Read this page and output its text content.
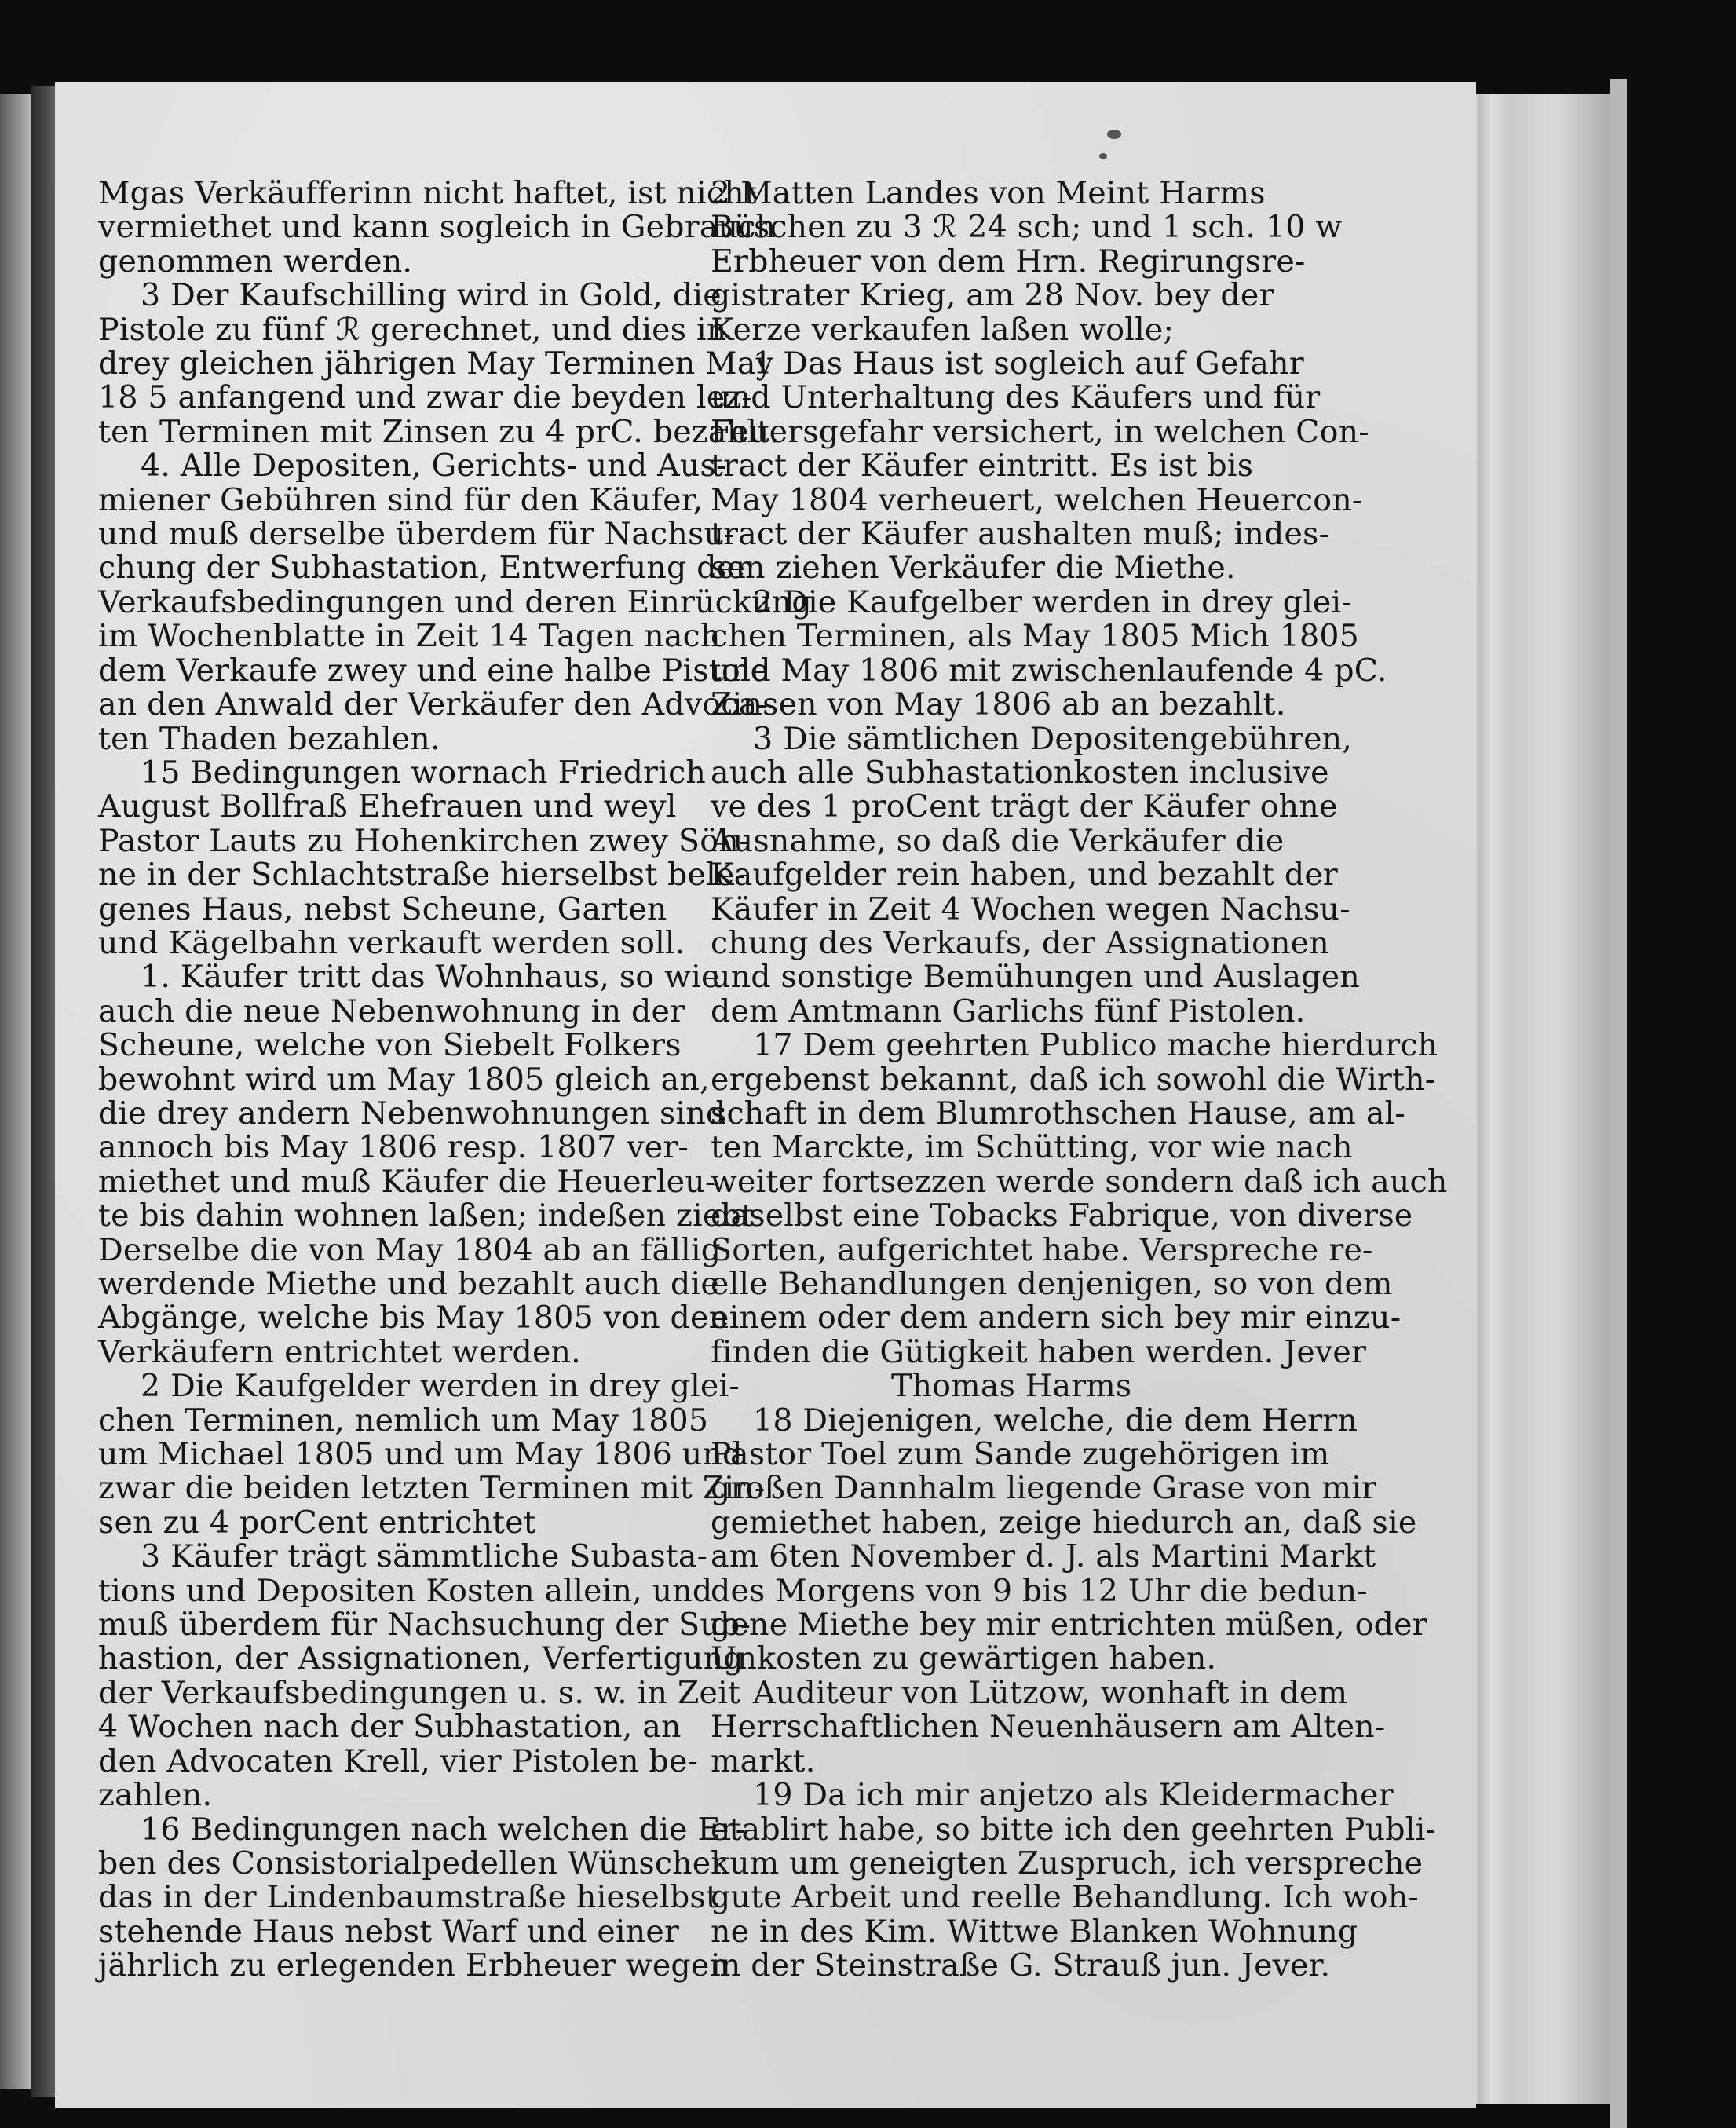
Mgas Verkäufferinn nicht haftet, ist nicht
vermiethet und kann sogleich in Gebrauch
genommen werden.
3 Der Kaufschilling wird in Gold, die
Pistole zu fünf ℛ gerechnet, und dies in
drey gleichen jährigen May Terminen May
18 5 anfangend und zwar die beyden lez-
ten Terminen mit Zinsen zu 4 prC. bezahlt.
4. Alle Depositen, Gerichts- und Aus-
miener Gebühren sind für den Käufer,
und muß derselbe überdem für Nachsu-
chung der Subhastation, Entwerfung der
Verkaufsbedingungen und deren Einrückung
im Wochenblatte in Zeit 14 Tagen nach
dem Verkaufe zwey und eine halbe Pistole
an den Anwald der Verkäufer den Advoca-
ten Thaden bezahlen.
15 Bedingungen wornach Friedrich
August Bollfraß Ehefrauen und weyl
Pastor Lauts zu Hohenkirchen zwey Söh-
ne in der Schlachtstraße hierselbst bele-
genes Haus, nebst Scheune, Garten
und Kägelbahn verkauft werden soll.
1. Käufer tritt das Wohnhaus, so wie
auch die neue Nebenwohnung in der
Scheune, welche von Siebelt Folkers
bewohnt wird um May 1805 gleich an,
die drey andern Nebenwohnungen sind
annoch bis May 1806 resp. 1807 ver-
miethet und muß Käufer die Heuerleu-
te bis dahin wohnen laßen; indeßen ziebt
Derselbe die von May 1804 ab an fällig
werdende Miethe und bezahlt auch die
Abgänge, welche bis May 1805 von den
Verkäufern entrichtet werden.
2 Die Kaufgelder werden in drey glei-
chen Terminen, nemlich um May 1805
um Michael 1805 und um May 1806 und
zwar die beiden letzten Terminen mit Zin-
sen zu 4 porCent entrichtet
3 Käufer trägt sämmtliche Subasta-
tions und Depositen Kosten allein, und
muß überdem für Nachsuchung der Sub-
hastion, der Assignationen, Verfertigung
der Verkaufsbedingungen u. s. w. in Zeit
4 Wochen nach der Subhastation, an
den Advocaten Krell, vier Pistolen be-
zahlen.
16 Bedingungen nach welchen die Er-
ben des Consistorialpedellen Wünscher
das in der Lindenbaumstraße hieselbst
stehende Haus nebst Warf und einer
jährlich zu erlegenden Erbheuer wegen
2 Matten Landes von Meint Harms
Büschen zu 3 ℛ 24 sch; und 1 sch. 10 w
Erbheuer von dem Hrn. Regirungsre-
gistrater Krieg, am 28 Nov. bey der
Kerze verkaufen laßen wolle;
1 Das Haus ist sogleich auf Gefahr
und Unterhaltung des Käufers und für
Feuersgefahr versichert, in welchen Con-
tract der Käufer eintritt. Es ist bis
May 1804 verheuert, welchen Heuercon-
tract der Käufer aushalten muß; indes-
sen ziehen Verkäufer die Miethe.
2 Die Kaufgelber werden in drey glei-
chen Terminen, als May 1805 Mich 1805
und May 1806 mit zwischenlaufende 4 pC.
Zinsen von May 1806 ab an bezahlt.
3 Die sämtlichen Depositengebühren,
auch alle Subhastationkosten inclusive
ve des 1 proCent trägt der Käufer ohne
Ausnahme, so daß die Verkäufer die
Kaufgelder rein haben, und bezahlt der
Käufer in Zeit 4 Wochen wegen Nachsu-
chung des Verkaufs, der Assignationen
und sonstige Bemühungen und Auslagen
dem Amtmann Garlichs fünf Pistolen.
17 Dem geehrten Publico mache hierdurch
ergebenst bekannt, daß ich sowohl die Wirth-
schaft in dem Blumrothschen Hause, am al-
ten Marckte, im Schütting, vor wie nach
weiter fortsezzen werde sondern daß ich auch
daselbst eine Tobacks Fabrique, von diverse
Sorten, aufgerichtet habe. Verspreche re-
elle Behandlungen denjenigen, so von dem
einem oder dem andern sich bey mir einzu-
finden die Gütigkeit haben werden. Jever
Thomas Harms
18 Diejenigen, welche, die dem Herrn
Pastor Toel zum Sande zugehörigen im
großen Dannhalm liegende Grase von mir
gemiethet haben, zeige hiedurch an, daß sie
am 6ten November d. J. als Martini Markt
des Morgens von 9 bis 12 Uhr die bedun-
gene Miethe bey mir entrichten müßen, oder
Unkosten zu gewärtigen haben.
Auditeur von Lützow, wonhaft in dem
Herrschaftlichen Neuenhäusern am Alten-
markt.
19 Da ich mir anjetzo als Kleidermacher
etablirt habe, so bitte ich den geehrten Publi-
kum um geneigten Zuspruch, ich verspreche
gute Arbeit und reelle Behandlung. Ich woh-
ne in des Kim. Wittwe Blanken Wohnung
in der Steinstraße G. Strauß jun. Jever.
